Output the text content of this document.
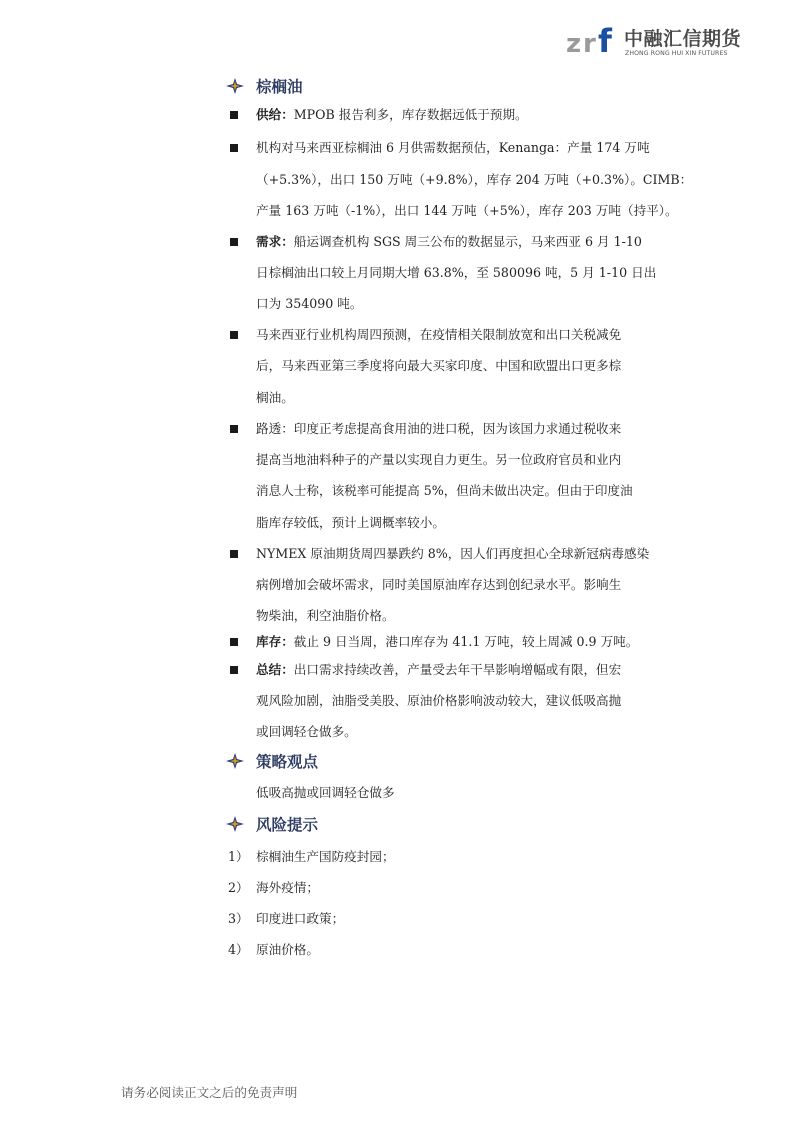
z r f 中融汇信期货
ZHONG RONG HUI XIN FUTURES
棕榈油
供给：MPOB 报告利多，库存数据远低于预期。
机构对马来西亚棕榈油 6 月供需数据预估，Kenanga：产量 174 万吨
（+5.3%），出口 150 万吨（+9.8%），库存 204 万吨（+0.3%）。CIMB：
产量 163 万吨（-1%），出口 144 万吨（+5%），库存 203 万吨（持平）。
需求：船运调查机构 SGS 周三公布的数据显示，马来西亚 6 月 1-10
日棕榈油出口较上月同期大增 63.8%，至 580096 吨，5 月 1-10 日出
口为 354090 吨。
马来西亚行业机构周四预测，在疫情相关限制放宽和出口关税减免
后，马来西亚第三季度将向最大买家印度、中国和欧盟出口更多棕
榈油。
路透：印度正考虑提高食用油的进口税，因为该国力求通过税收来
提高当地油料种子的产量以实现自力更生。另一位政府官员和业内
消息人士称，该税率可能提高 5%，但尚未做出决定。但由于印度油
脂库存较低，预计上调概率较小。
NYMEX 原油期货周四暴跌约 8%，因人们再度担心全球新冠病毒感染
病例增加会破坏需求，同时美国原油库存达到创纪录水平。影响生
物柴油，利空油脂价格。
库存：截止 9 日当周，港口库存为 41.1 万吨，较上周减 0.9 万吨。
总结：出口需求持续改善，产量受去年干旱影响增幅或有限，但宏
观风险加剧，油脂受美股、原油价格影响波动较大，建议低吸高抛
或回调轻仓做多。
策略观点
低吸高抛或回调轻仓做多
风险提示
1） 棕榈油生产国防疫封园；
2） 海外疫情；
3） 印度进口政策；
4） 原油价格。
请务必阅读正文之后的免责声明
